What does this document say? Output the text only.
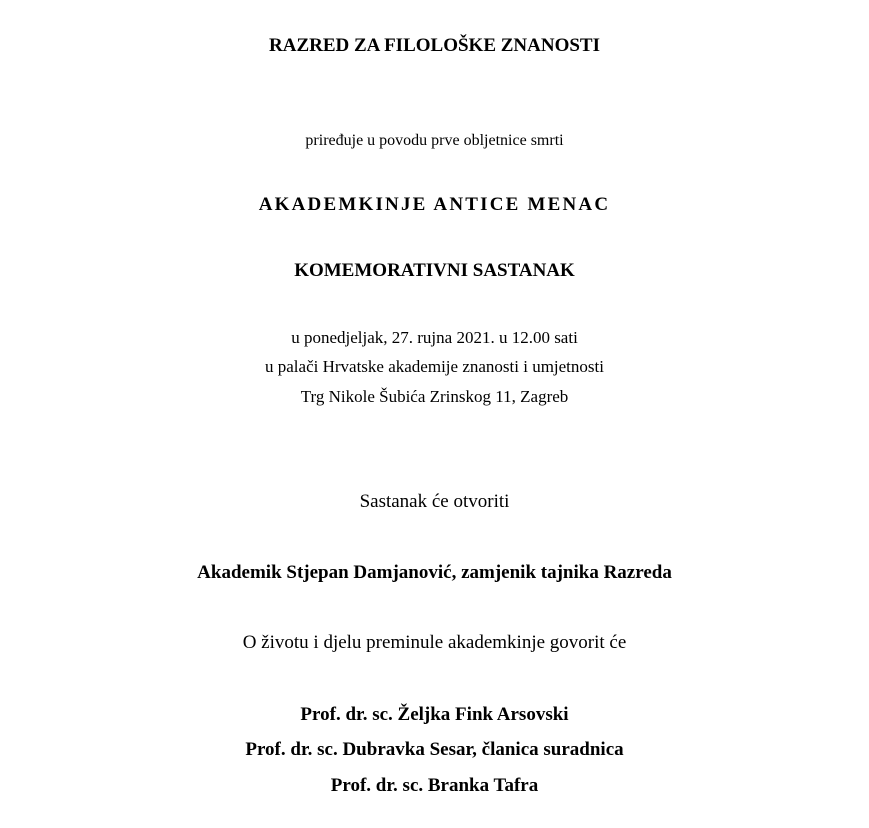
RAZRED ZA FILOLOŠKE ZNANOSTI
priređuje u povodu prve obljetnice smrti
AKADEMKINJE ANTICE MENAC
KOMEMORATIVNI SASTANAK
u ponedjeljak, 27. rujna 2021. u 12.00 sati
u palači Hrvatske akademije znanosti i umjetnosti
Trg Nikole Šubića Zrinskog 11, Zagreb
Sastanak će otvoriti
Akademik Stjepan Damjanović, zamjenik tajnika Razreda
O životu i djelu preminule akademkinje govorit će
Prof. dr. sc. Željka Fink Arsovski
Prof. dr. sc. Dubravka Sesar, članica suradnica
Prof. dr. sc. Branka Tafra
